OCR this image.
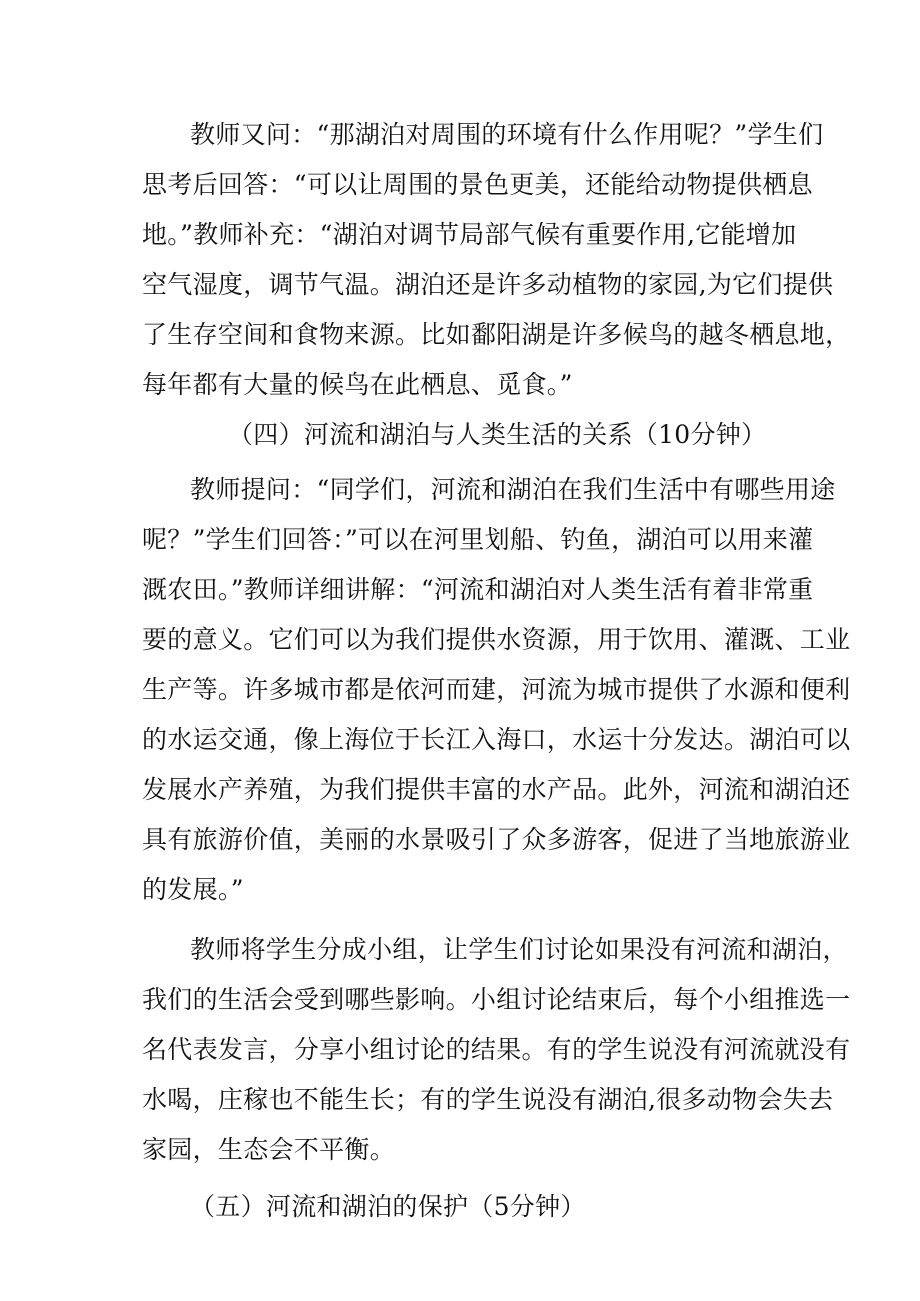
教师又问：“那湖泊对周围的环境有什么作用呢？”学生们
思考后回答：“可以让周围的景色更美，还能给动物提供栖息
地。”教师补充：“湖泊对调节局部气候有重要作用,它能增加
空气湿度，调节气温。湖泊还是许多动植物的家园,为它们提供
了生存空间和食物来源。比如鄱阳湖是许多候鸟的越冬栖息地，
每年都有大量的候鸟在此栖息、觅食。”
（四）河流和湖泊与人类生活的关系（10分钟）
教师提问：“同学们，河流和湖泊在我们生活中有哪些用途
呢？”学生们回答：”可以在河里划船、钓鱼，湖泊可以用来灌
溉农田。”教师详细讲解：“河流和湖泊对人类生活有着非常重
要的意义。它们可以为我们提供水资源，用于饮用、灌溉、工业
生产等。许多城市都是依河而建，河流为城市提供了水源和便利
的水运交通，像上海位于长江入海口，水运十分发达。湖泊可以
发展水产养殖，为我们提供丰富的水产品。此外，河流和湖泊还
具有旅游价值，美丽的水景吸引了众多游客，促进了当地旅游业
的发展。”
教师将学生分成小组，让学生们讨论如果没有河流和湖泊，
我们的生活会受到哪些影响。小组讨论结束后，每个小组推选一
名代表发言，分享小组讨论的结果。有的学生说没有河流就没有
水喝，庄稼也不能生长；有的学生说没有湖泊,很多动物会失去
家园，生态会不平衡。
（五）河流和湖泊的保护（5分钟）
